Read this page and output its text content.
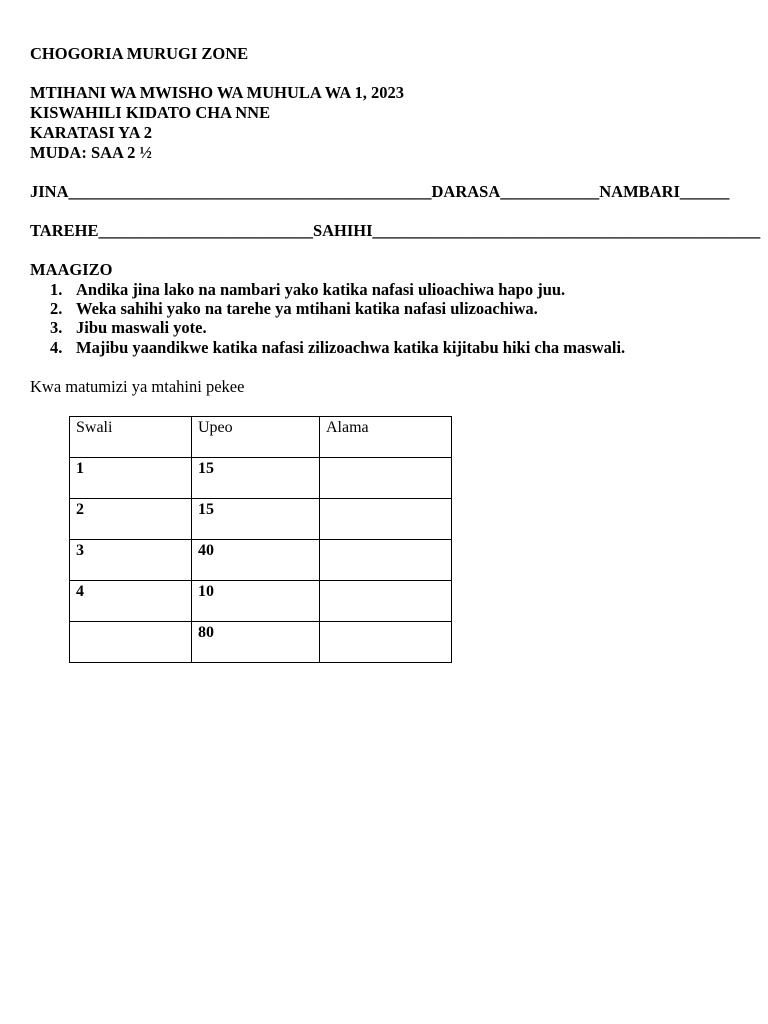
CHOGORIA MURUGI ZONE
MTIHANI WA MWISHO WA MUHULA WA 1, 2023
KISWAHILI KIDATO CHA NNE
KARATASI YA 2
MUDA: SAA 2 ½
JINA____________________________________________DARASA____________NAMBARI______
TAREHE__________________________SAHIHI_______________________________________________
MAAGIZO
1. Andika jina lako na nambari yako katika nafasi ulioachiwa hapo juu.
2. Weka sahihi yako na tarehe ya mtihani katika nafasi ulizoachiwa.
3. Jibu maswali yote.
4. Majibu yaandikwe katika nafasi zilizoachwa katika kijitabu hiki cha maswali.
Kwa matumizi ya mtahini pekee
Swali	Upeo	Alama
1	15	
2	15	
3	40	
4	10	
	80	
